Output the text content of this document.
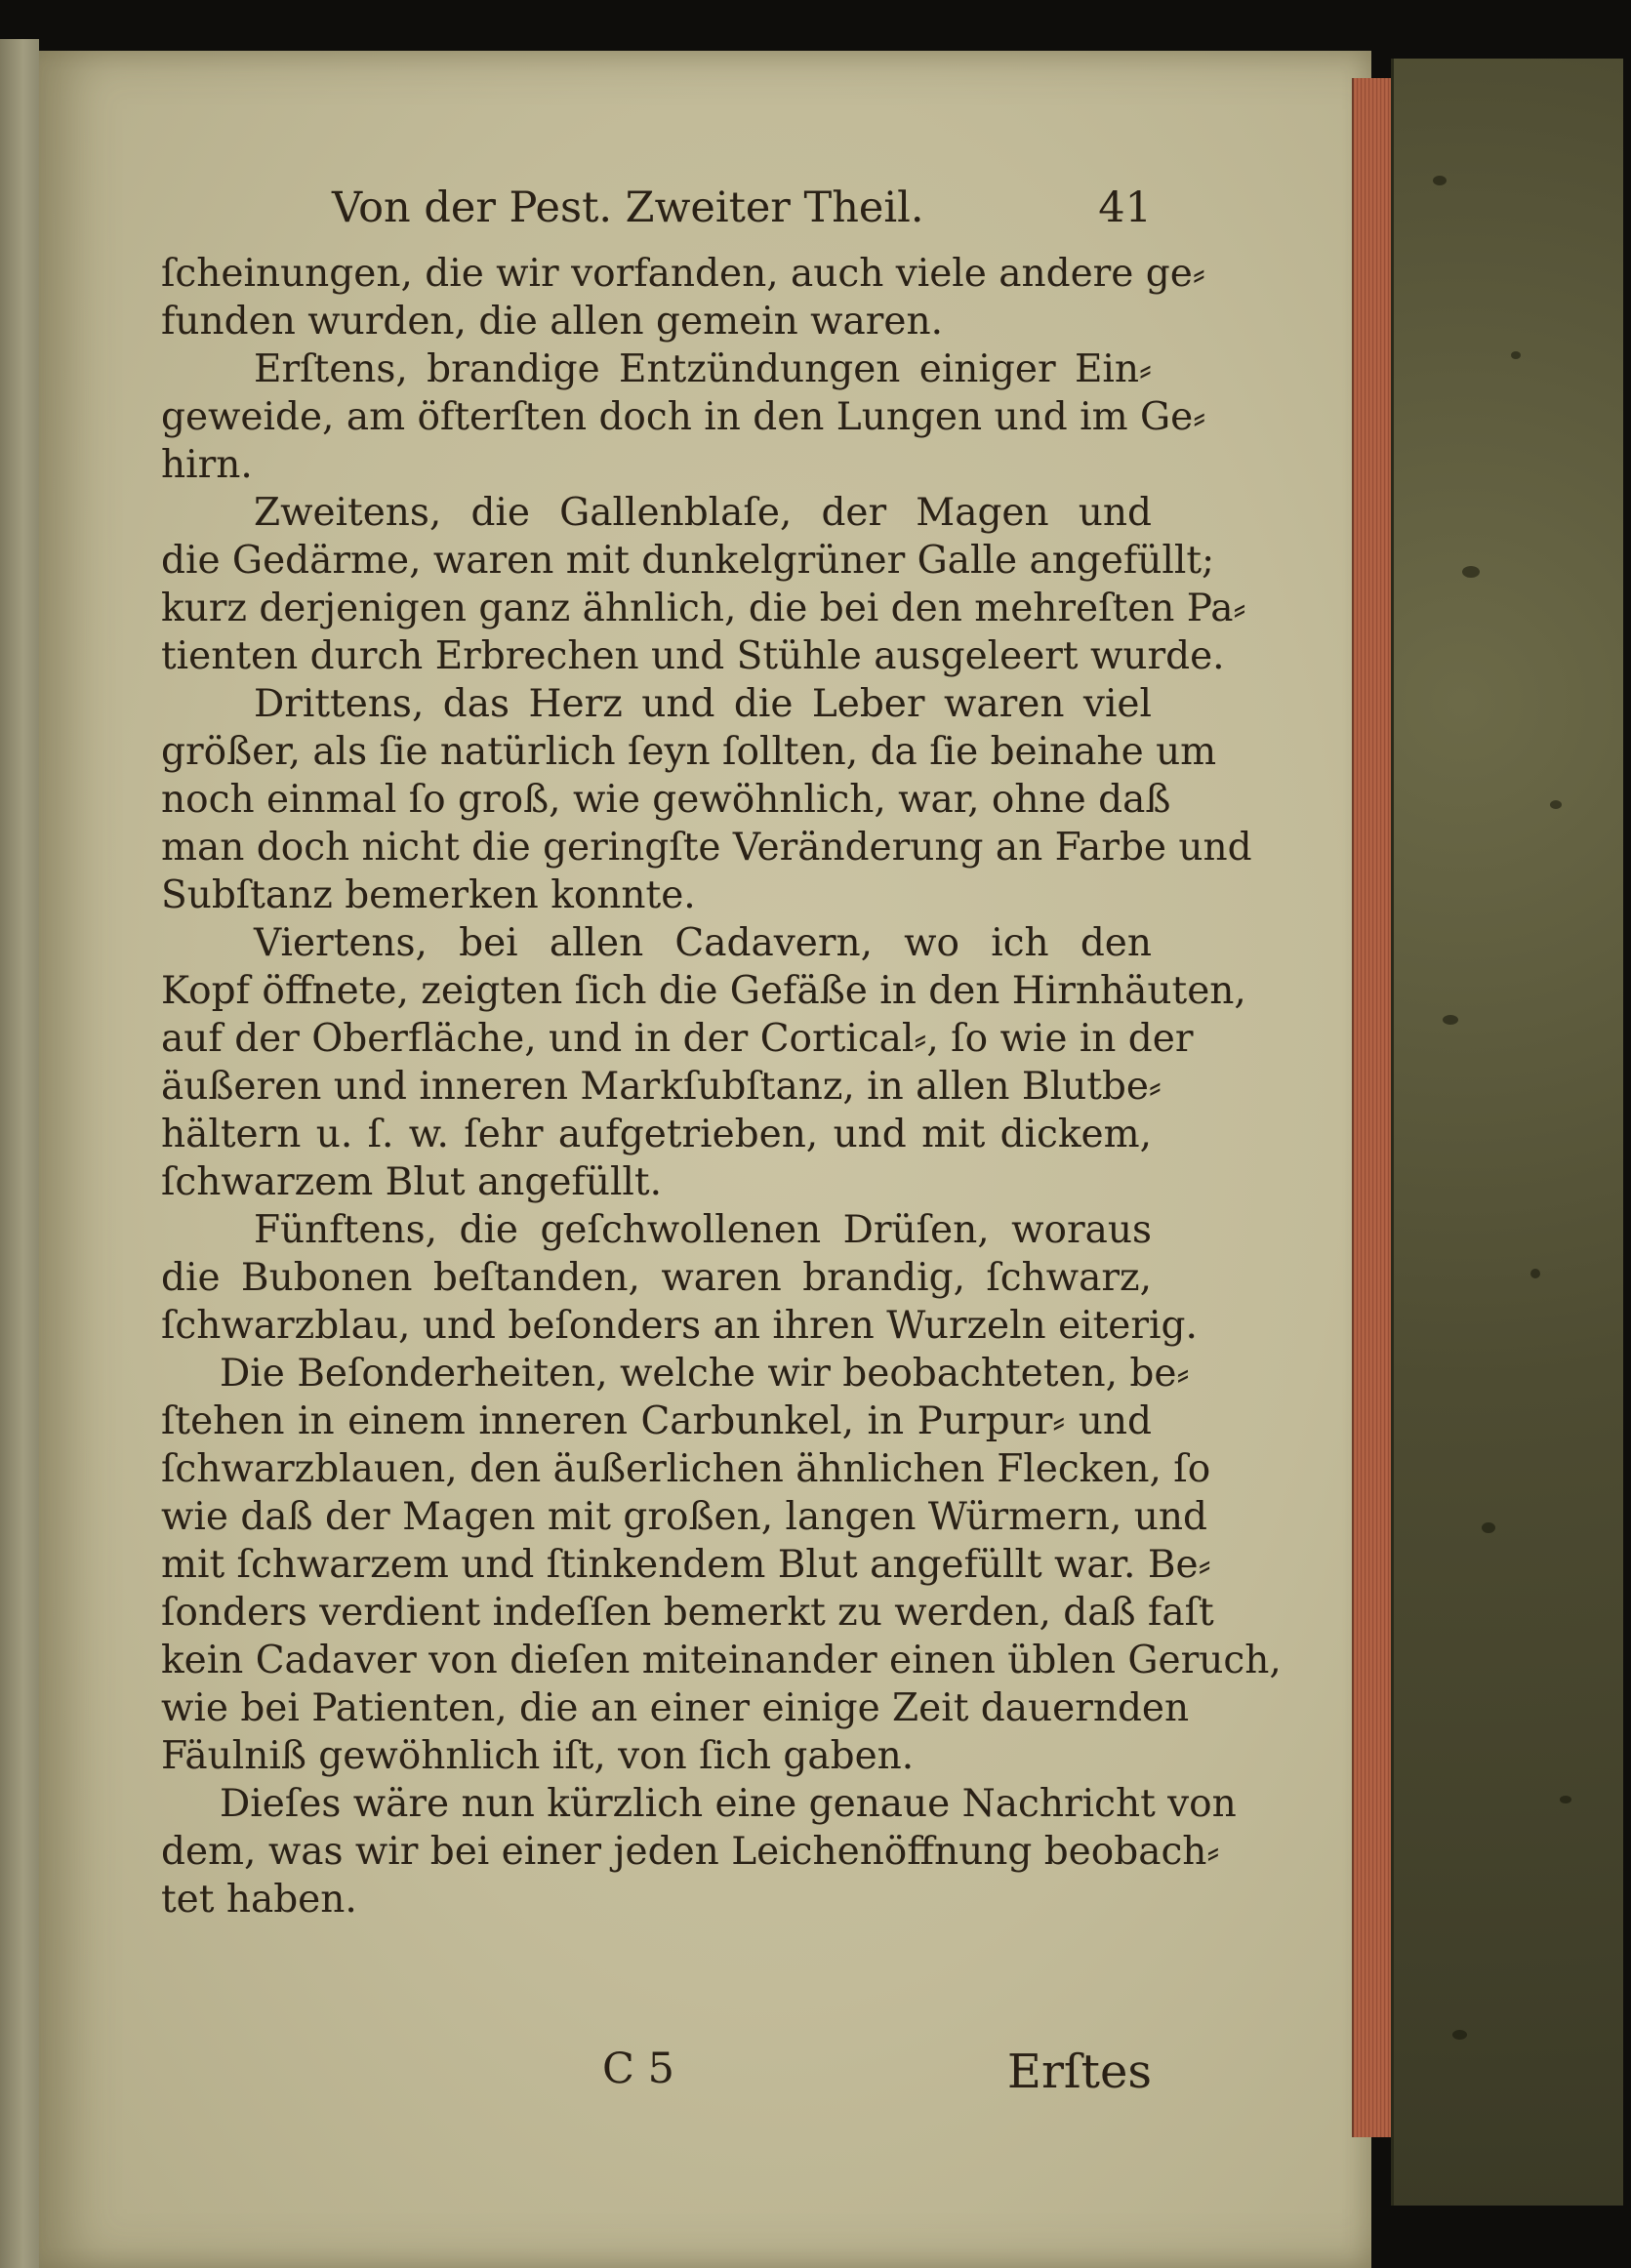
Von der Pest. Zweiter Theil.	41
ſcheinungen, die wir vorfanden, auch viele andere ge⸗
funden wurden, die allen gemein waren.
Erſtens, brandige Entzündungen einiger Ein⸗
geweide, am öfterſten doch in den Lungen und im Ge⸗
hirn.
Zweitens, die Gallenblaſe, der Magen und
die Gedärme, waren mit dunkelgrüner Galle angefüllt;
kurz derjenigen ganz ähnlich, die bei den mehreſten Pa⸗
tienten durch Erbrechen und Stühle ausgeleert wurde.
Drittens, das Herz und die Leber waren viel
größer, als ſie natürlich ſeyn ſollten, da ſie beinahe um
noch einmal ſo groß, wie gewöhnlich, war, ohne daß
man doch nicht die geringſte Veränderung an Farbe und
Subſtanz bemerken konnte.
Viertens, bei allen Cadavern, wo ich den
Kopf öffnete, zeigten ſich die Gefäße in den Hirnhäuten,
auf der Oberfläche, und in der Cortical⸗, ſo wie in der
äußeren und inneren Markſubſtanz, in allen Blutbe⸗
hältern u. ſ. w. ſehr aufgetrieben, und mit dickem,
ſchwarzem Blut angefüllt.
Fünftens, die geſchwollenen Drüſen, woraus
die Bubonen beſtanden, waren brandig, ſchwarz,
ſchwarzblau, und beſonders an ihren Wurzeln eiterig.
Die Beſonderheiten, welche wir beobachteten, be⸗
ſtehen in einem inneren Carbunkel, in Purpur⸗ und
ſchwarzblauen, den äußerlichen ähnlichen Flecken, ſo
wie daß der Magen mit großen, langen Würmern, und
mit ſchwarzem und ſtinkendem Blut angefüllt war. Be⸗
ſonders verdient indeſſen bemerkt zu werden, daß faſt
kein Cadaver von dieſen miteinander einen üblen Geruch,
wie bei Patienten, die an einer einige Zeit dauernden
Fäulniß gewöhnlich iſt, von ſich gaben.
Dieſes wäre nun kürzlich eine genaue Nachricht von
dem, was wir bei einer jeden Leichenöffnung beobach⸗
tet haben.
C 5	Erſtes
